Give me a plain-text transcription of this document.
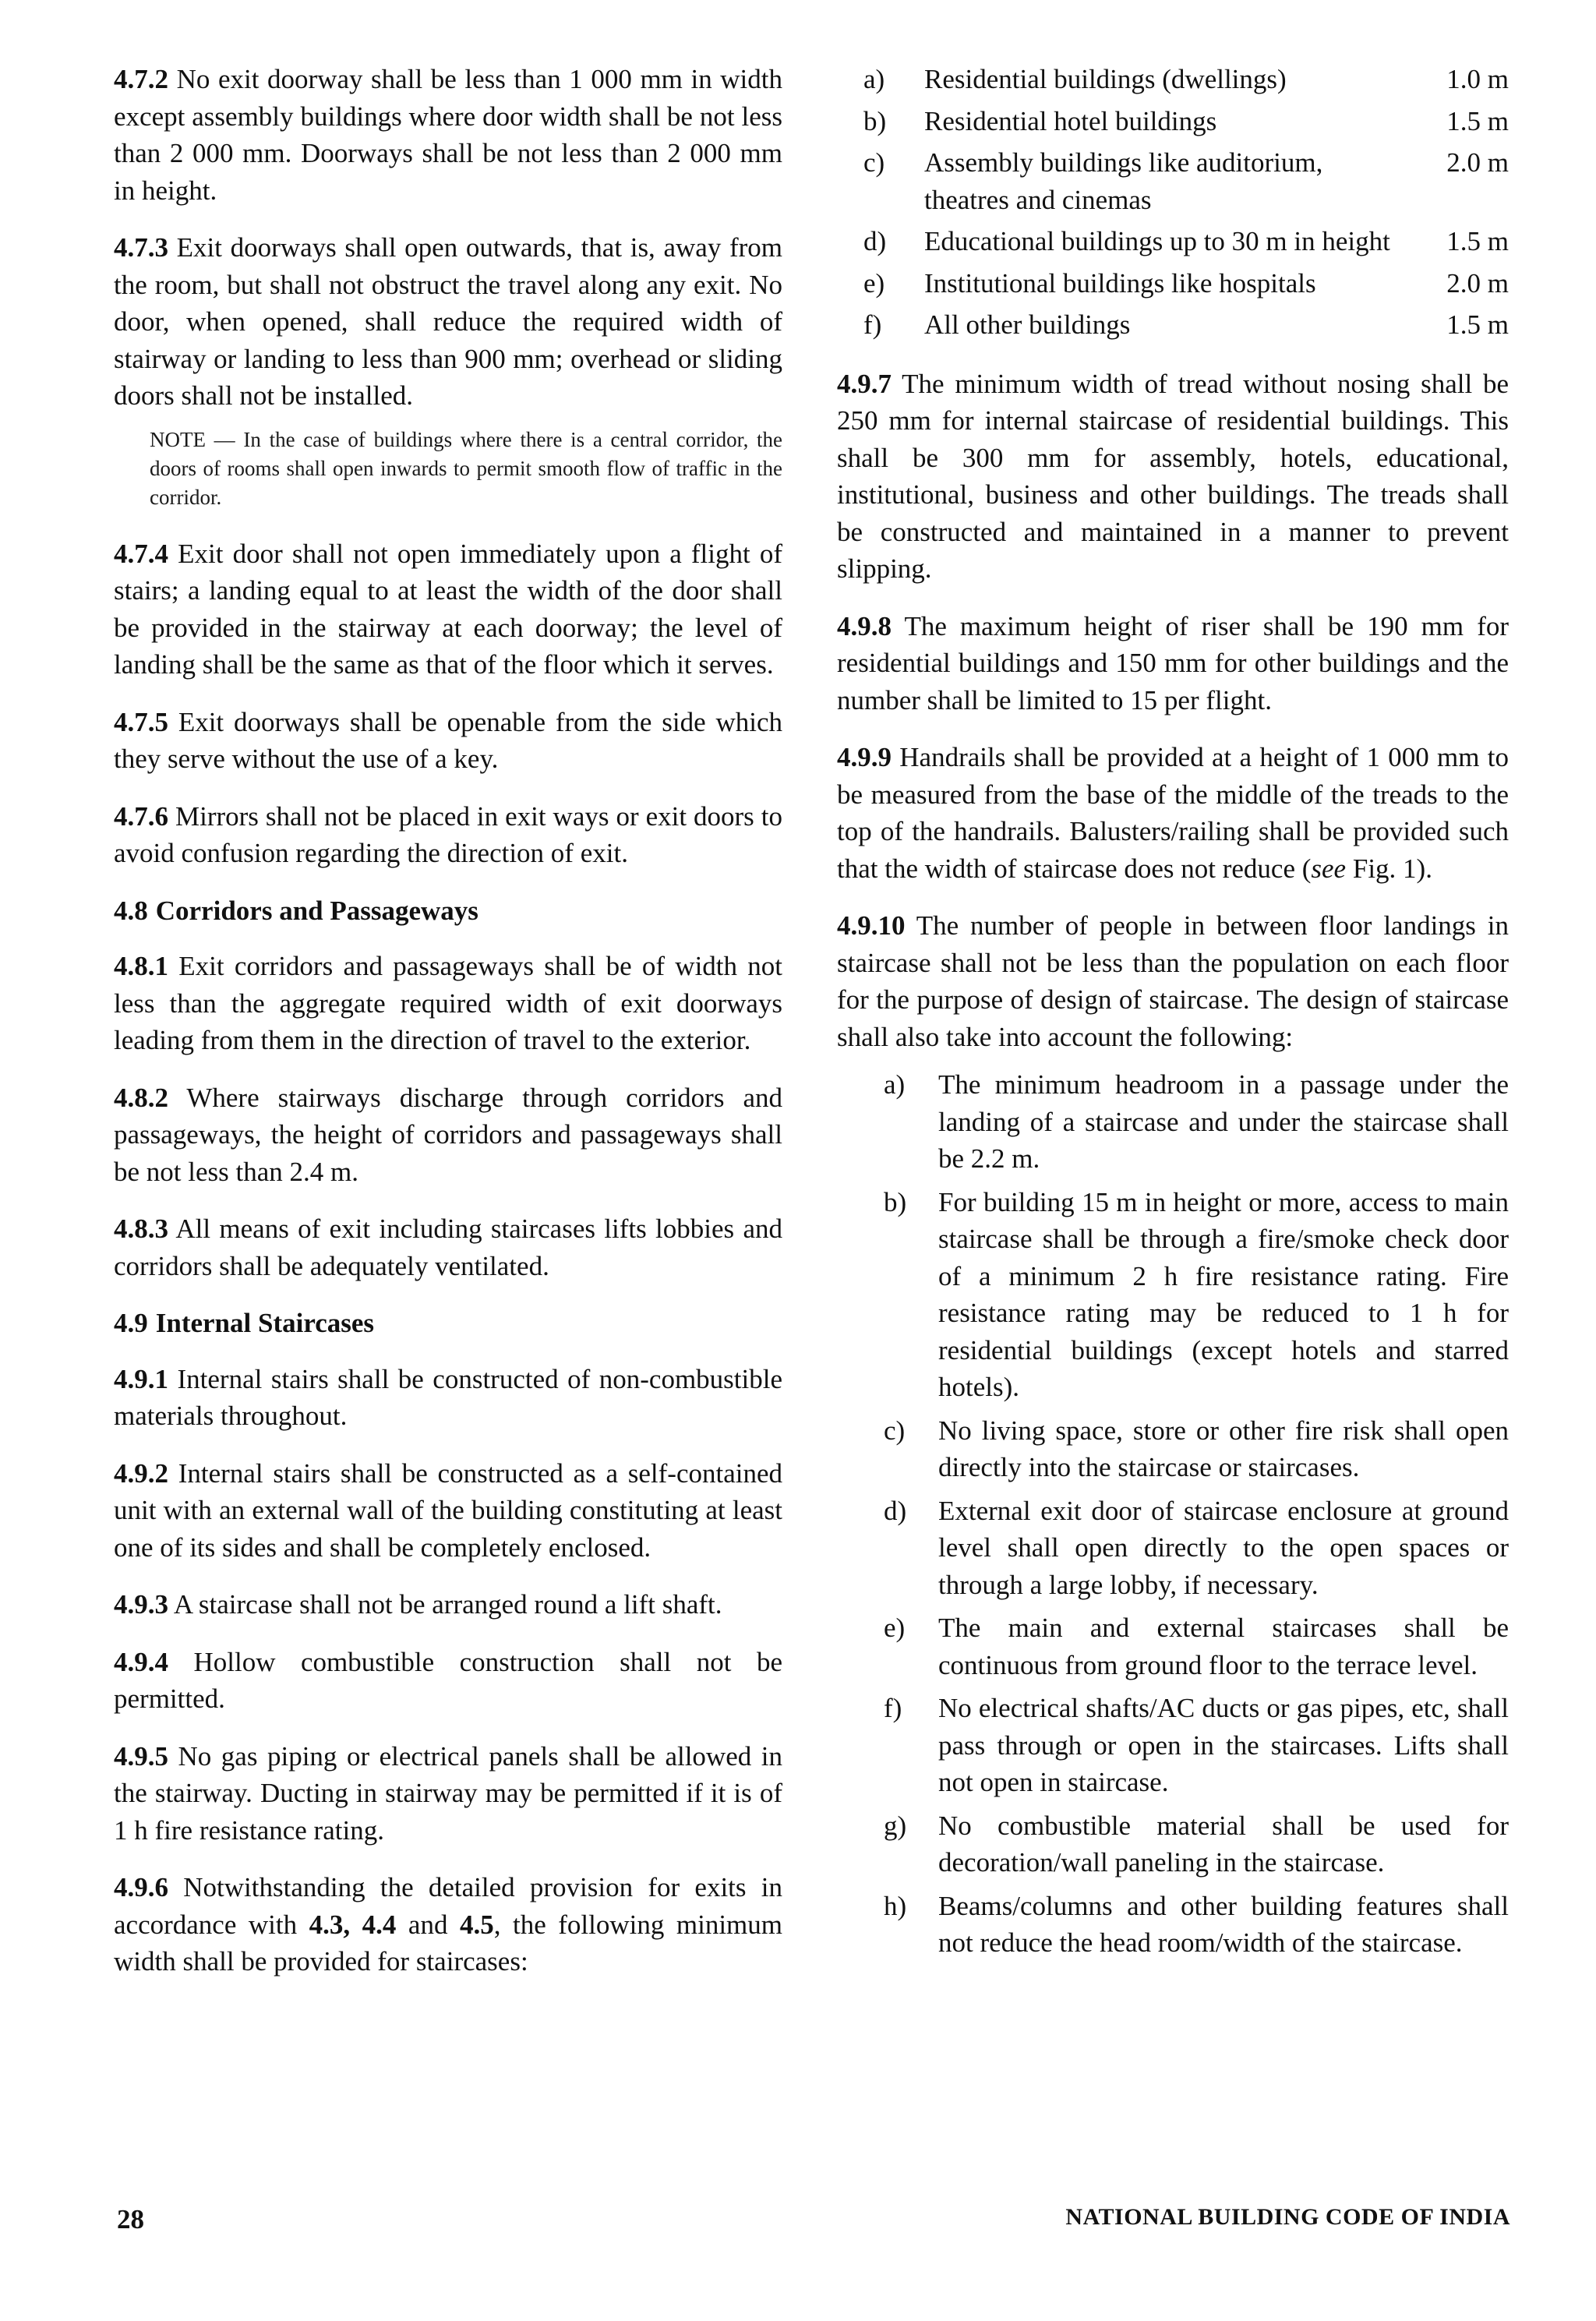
4.7.2 No exit doorway shall be less than 1 000 mm in width except assembly buildings where door width shall be not less than 2 000 mm. Doorways shall be not less than 2 000 mm in height.

4.7.3 Exit doorways shall open outwards, that is, away from the room, but shall not obstruct the travel along any exit. No door, when opened, shall reduce the required width of stairway or landing to less than 900 mm; overhead or sliding doors shall not be installed.

NOTE — In the case of buildings where there is a central corridor, the doors of rooms shall open inwards to permit smooth flow of traffic in the corridor.

4.7.4 Exit door shall not open immediately upon a flight of stairs; a landing equal to at least the width of the door shall be provided in the stairway at each doorway; the level of landing shall be the same as that of the floor which it serves.

4.7.5 Exit doorways shall be openable from the side which they serve without the use of a key.

4.7.6 Mirrors shall not be placed in exit ways or exit doors to avoid confusion regarding the direction of exit.

4.8 Corridors and Passageways

4.8.1 Exit corridors and passageways shall be of width not less than the aggregate required width of exit doorways leading from them in the direction of travel to the exterior.

4.8.2 Where stairways discharge through corridors and passageways, the height of corridors and passageways shall be not less than 2.4 m.

4.8.3 All means of exit including staircases lifts lobbies and corridors shall be adequately ventilated.

4.9 Internal Staircases

4.9.1 Internal stairs shall be constructed of non-combustible materials throughout.

4.9.2 Internal stairs shall be constructed as a self-contained unit with an external wall of the building constituting at least one of its sides and shall be completely enclosed.

4.9.3 A staircase shall not be arranged round a lift shaft.

4.9.4 Hollow combustible construction shall not be permitted.

4.9.5 No gas piping or electrical panels shall be allowed in the stairway. Ducting in stairway may be permitted if it is of 1 h fire resistance rating.

4.9.6 Notwithstanding the detailed provision for exits in accordance with 4.3, 4.4 and 4.5, the following minimum width shall be provided for staircases:

a)	Residential buildings (dwellings)	1.0 m
b)	Residential hotel buildings	1.5 m
c)	Assembly buildings like auditorium, theatres and cinemas	2.0 m
d)	Educational buildings up to 30 m in height	1.5 m
e)	Institutional buildings like hospitals	2.0 m
f)	All other buildings	1.5 m

4.9.7 The minimum width of tread without nosing shall be 250 mm for internal staircase of residential buildings. This shall be 300 mm for assembly, hotels, educational, institutional, business and other buildings. The treads shall be constructed and maintained in a manner to prevent slipping.

4.9.8 The maximum height of riser shall be 190 mm for residential buildings and 150 mm for other buildings and the number shall be limited to 15 per flight.

4.9.9 Handrails shall be provided at a height of 1 000 mm to be measured from the base of the middle of the treads to the top of the handrails. Balusters/railing shall be provided such that the width of staircase does not reduce (see Fig. 1).

4.9.10 The number of people in between floor landings in staircase shall not be less than the population on each floor for the purpose of design of staircase. The design of staircase shall also take into account the following:

a)	The minimum headroom in a passage under the landing of a staircase and under the staircase shall be 2.2 m.
b)	For building 15 m in height or more, access to main staircase shall be through a fire/smoke check door of a minimum 2 h fire resistance rating. Fire resistance rating may be reduced to 1 h for residential buildings (except hotels and starred hotels).
c)	No living space, store or other fire risk shall open directly into the staircase or staircases.
d)	External exit door of staircase enclosure at ground level shall open directly to the open spaces or through a large lobby, if necessary.
e)	The main and external staircases shall be continuous from ground floor to the terrace level.
f)	No electrical shafts/AC ducts or gas pipes, etc, shall pass through or open in the staircases. Lifts shall not open in staircase.
g)	No combustible material shall be used for decoration/wall paneling in the staircase.
h)	Beams/columns and other building features shall not reduce the head room/width of the staircase.
28	NATIONAL BUILDING CODE OF INDIA
